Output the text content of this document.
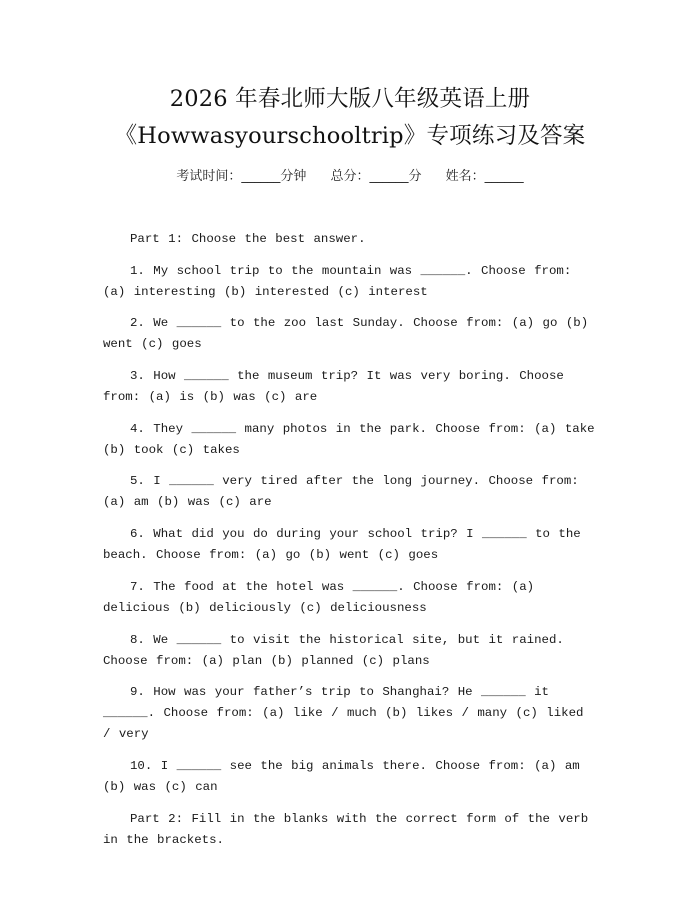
2026 年春北师大版八年级英语上册
《Howwasyourschooltrip》专项练习及答案
考试时间：______分钟 总分：______分 姓名：______

Part 1: Choose the best answer.

1. My school trip to the mountain was ______. Choose from: (a) interesting (b) interested (c) interest

2. We ______ to the zoo last Sunday. Choose from: (a) go (b) went (c) goes

3. How ______ the museum trip? It was very boring. Choose from: (a) is (b) was (c) are

4. They ______ many photos in the park. Choose from: (a) take (b) took (c) takes

5. I ______ very tired after the long journey. Choose from: (a) am (b) was (c) are

6. What did you do during your school trip? I ______ to the beach. Choose from: (a) go (b) went (c) goes

7. The food at the hotel was ______. Choose from: (a) delicious (b) deliciously (c) deliciousness

8. We ______ to visit the historical site, but it rained. Choose from: (a) plan (b) planned (c) plans

9. How was your father’s trip to Shanghai? He ______ it ______. Choose from: (a) like / much (b) likes / many (c) liked / very

10. I ______ see the big animals there. Choose from: (a) am (b) was (c) can

Part 2: Fill in the blanks with the correct form of the verb in the brackets.
